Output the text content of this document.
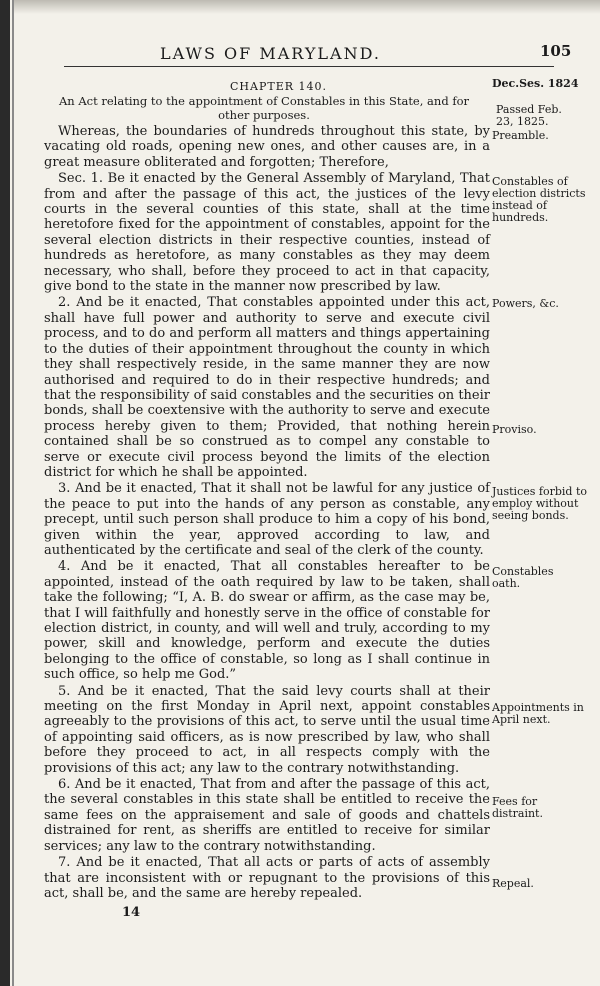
LAWS OF MARYLAND.	105
CHAPTER 140.
An Act relating to the appointment of Constables in this State, and for other purposes.
Dec.Ses. 1824
Passed Feb. 23, 1825.
Preamble.
Constables of election districts instead of hundreds.
Powers, &c.
Proviso.
Justices forbid to employ without seeing bonds.
Constables oath.
Appointments in April next.
Fees for distraint.
Repeal.

Whereas, the boundaries of hundreds throughout this state, by vacating old roads, opening new ones, and other causes are, in a great measure obliterated and forgotten; Therefore,

Sec. 1. Be it enacted by the General Assembly of Maryland, That from and after the passage of this act, the justices of the levy courts in the several counties of this state, shall at the time heretofore fixed for the appointment of constables, appoint for the several election districts in their respective counties, instead of hundreds as heretofore, as many constables as they may deem necessary, who shall, before they proceed to act in that capacity, give bond to the state in the manner now prescribed by law.

2. And be it enacted, That constables appointed under this act, shall have full power and authority to serve and execute civil process, and to do and perform all matters and things appertaining to the duties of their appointment throughout the county in which they shall respectively reside, in the same manner they are now authorised and required to do in their respective hundreds; and that the responsibility of said constables and the securities on their bonds, shall be coextensive with the authority to serve and execute process hereby given to them; Provided, that nothing herein contained shall be so construed as to compel any constable to serve or execute civil process beyond the limits of the election district for which he shall be appointed.

3. And be it enacted, That it shall not be lawful for any justice of the peace to put into the hands of any person as constable, any precept, until such person shall produce to him a copy of his bond, given within the year, approved according to law, and authenticated by the certificate and seal of the clerk of the county.

4. And be it enacted, That all constables hereafter to be appointed, instead of the oath required by law to be taken, shall take the following; “I, A. B. do swear or affirm, as the case may be, that I will faithfully and honestly serve in the office of constable for election district, in county, and will well and truly, according to my power, skill and knowledge, perform and execute the duties belonging to the office of constable, so long as I shall continue in such office, so help me God.”

5. And be it enacted, That the said levy courts shall at their meeting on the first Monday in April next, appoint constables agreeably to the provisions of this act, to serve until the usual time of appointing said officers, as is now prescribed by law, who shall before they proceed to act, in all respects comply with the provisions of this act; any law to the contrary notwithstanding.

6. And be it enacted, That from and after the passage of this act, the several constables in this state shall be entitled to receive the same fees on the appraisement and sale of goods and chattels distrained for rent, as sheriffs are entitled to receive for similar services; any law to the contrary notwithstanding.

7. And be it enacted, That all acts or parts of acts of assembly that are inconsistent with or repugnant to the provisions of this act, shall be, and the same are hereby repealed.

14
